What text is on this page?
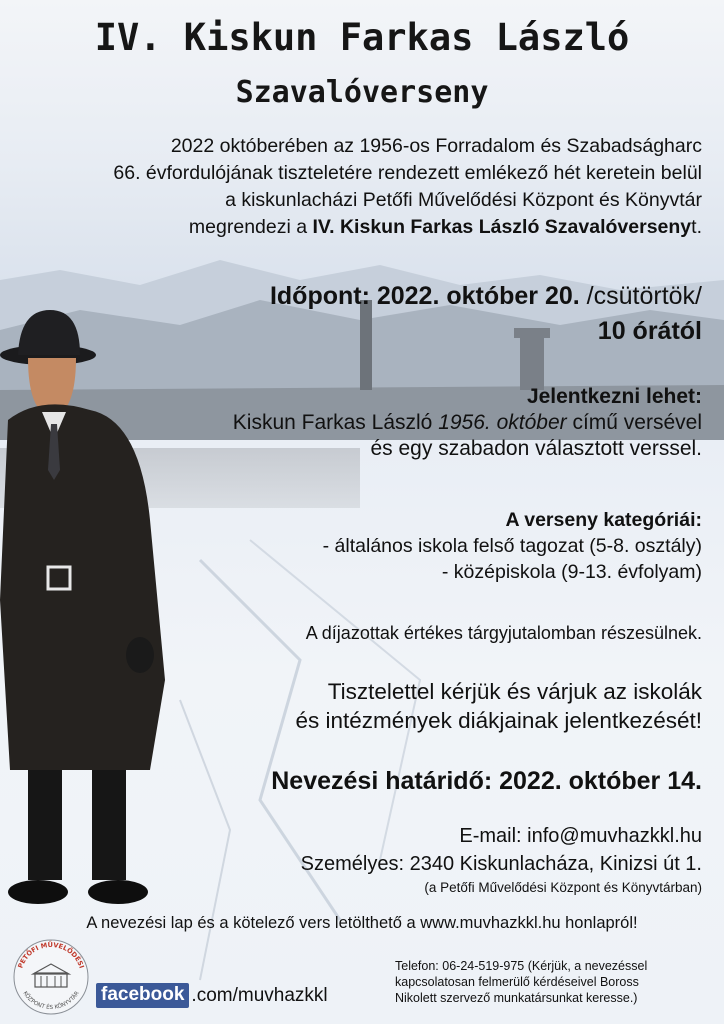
IV. Kiskun Farkas László
Szavalóverseny

2022 októberében az 1956-os Forradalom és Szabadságharc

66. évfordulójának tiszteletére rendezett emlékező hét keretein belül

a kiskunlacházi Petőfi Művelődési Központ és Könyvtár

megrendezi a IV. Kiskun Farkas László Szavalóversenyt.

Időpont: 2022. október 20. /csütörtök/
10 órától
Jelentkezni lehet:
Kiskun Farkas László 1956. október című versével
és egy szabadon választott verssel.
A verseny kategóriái:
- általános iskola felső tagozat (5-8. osztály)
- középiskola (9-13. évfolyam)
A díjazottak értékes tárgyjutalomban részesülnek.
Tisztelettel kérjük és várjuk az iskolák
és intézmények diákjainak jelentkezését!
Nevezési határidő: 2022. október 14.
E-mail: info@muvhazkkl.hu
Személyes: 2340 Kiskunlacháza, Kinizsi út 1.
(a Petőfi Művelődési Központ és Könyvtárban)
A nevezési lap és a kötelező vers letölthető a www.muvhazkkl.hu honlapról!
PETŐFI MŰVELŐDÉSI
KÖZPONT ÉS KÖNYVTÁR facebook .com/muvhazkkl
Telefon: 06-24-519-975 (Kérjük, a nevezéssel
kapcsolatosan felmerülő kérdéseivel Boross
Nikolett szervező munkatársunkat keresse.)
